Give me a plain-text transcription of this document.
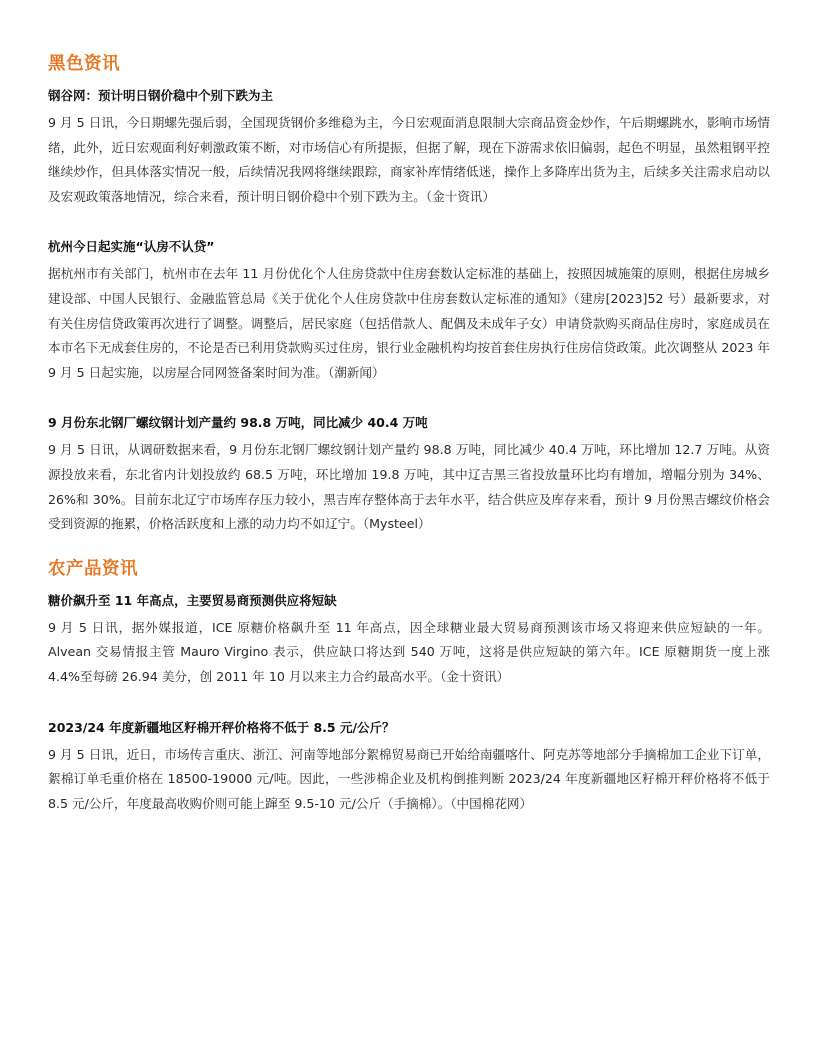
黑色资讯
钢谷网：预计明日钢价稳中个别下跌为主

9 月 5 日讯，今日期螺先强后弱，全国现货钢价多维稳为主，今日宏观面消息限制大宗商品资金炒作，午后期螺跳水，影响市场情绪，此外，近日宏观面利好刺激政策不断，对市场信心有所提振，但据了解，现在下游需求依旧偏弱，起色不明显，虽然粗钢平控继续炒作，但具体落实情况一般，后续情况我网将继续跟踪，商家补库情绪低迷，操作上多降库出货为主，后续多关注需求启动以及宏观政策落地情况，综合来看，预计明日钢价稳中个别下跌为主。（金十资讯）

杭州今日起实施“认房不认贷”

据杭州市有关部门，杭州市在去年 11 月份优化个人住房贷款中住房套数认定标准的基础上，按照因城施策的原则，根据住房城乡建设部、中国人民银行、金融监管总局《关于优化个人住房贷款中住房套数认定标准的通知》（建房[2023]52 号）最新要求，对有关住房信贷政策再次进行了调整。调整后，居民家庭（包括借款人、配偶及未成年子女）申请贷款购买商品住房时，家庭成员在本市名下无成套住房的，不论是否已利用贷款购买过住房，银行业金融机构均按首套住房执行住房信贷政策。此次调整从 2023 年 9 月 5 日起实施，以房屋合同网签备案时间为准。（潮新闻）

9 月份东北钢厂螺纹钢计划产量约 98.8 万吨，同比减少 40.4 万吨

9 月 5 日讯，从调研数据来看，9 月份东北钢厂螺纹钢计划产量约 98.8 万吨，同比减少 40.4 万吨，环比增加 12.7 万吨。从资源投放来看，东北省内计划投放约 68.5 万吨，环比增加 19.8 万吨，其中辽吉黑三省投放量环比均有增加，增幅分别为 34%、26%和 30%。目前东北辽宁市场库存压力较小，黑吉库存整体高于去年水平，结合供应及库存来看，预计 9 月份黑吉螺纹价格会受到资源的拖累，价格活跃度和上涨的动力均不如辽宁。（Mysteel）

农产品资讯
糖价飙升至 11 年高点，主要贸易商预测供应将短缺

9 月 5 日讯，据外媒报道，ICE 原糖价格飙升至 11 年高点，因全球糖业最大贸易商预测该市场又将迎来供应短缺的一年。Alvean 交易情报主管 Mauro Virgino 表示，供应缺口将达到 540 万吨，这将是供应短缺的第六年。ICE 原糖期货一度上涨 4.4%至每磅 26.94 美分，创 2011 年 10 月以来主力合约最高水平。（金十资讯）

2023/24 年度新疆地区籽棉开秤价格将不低于 8.5 元/公斤？

9 月 5 日讯，近日，市场传言重庆、浙江、河南等地部分絮棉贸易商已开始给南疆喀什、阿克苏等地部分手摘棉加工企业下订单，絮棉订单毛重价格在 18500-19000 元/吨。因此，一些涉棉企业及机构倒推判断 2023/24 年度新疆地区籽棉开秤价格将不低于 8.5 元/公斤，年度最高收购价则可能上蹿至 9.5-10 元/公斤（手摘棉）。（中国棉花网）
